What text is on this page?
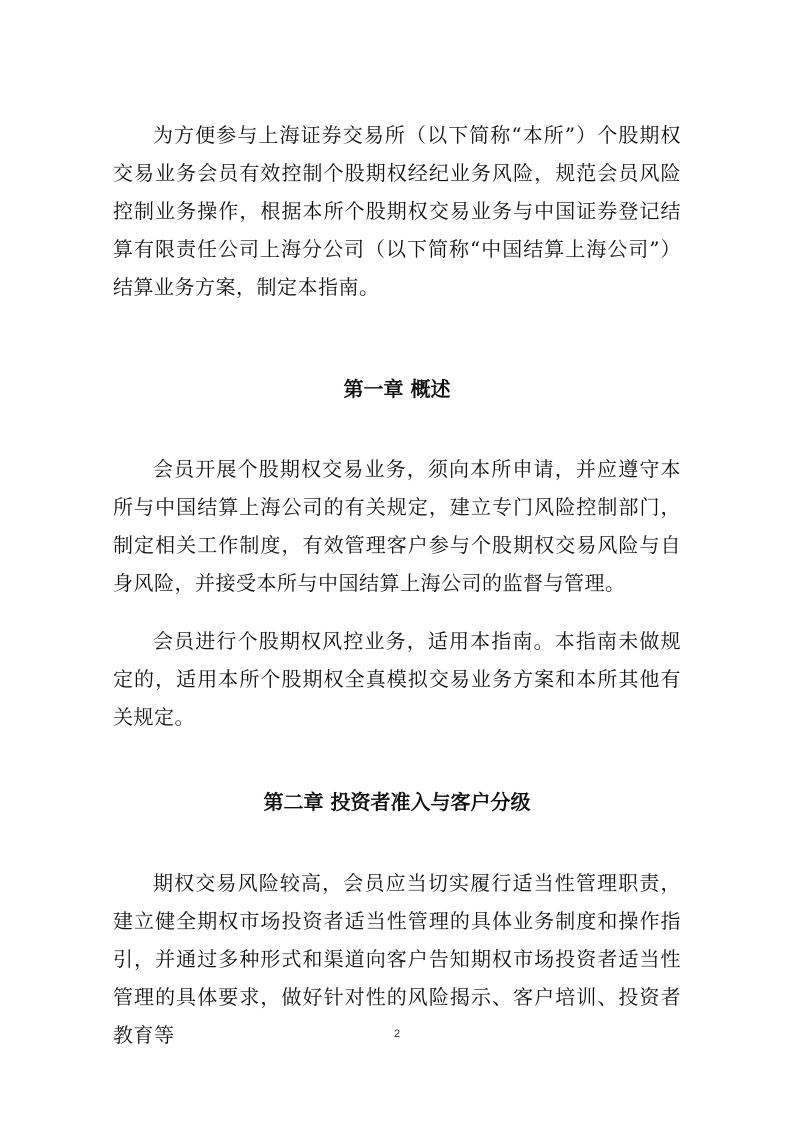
为方便参与上海证券交易所（以下简称“本所”）个股期权交易业务会员有效控制个股期权经纪业务风险，规范会员风险控制业务操作，根据本所个股期权交易业务与中国证券登记结算有限责任公司上海分公司（以下简称“中国结算上海公司”）结算业务方案，制定本指南。

第一章 概述

会员开展个股期权交易业务，须向本所申请，并应遵守本所与中国结算上海公司的有关规定，建立专门风险控制部门，制定相关工作制度，有效管理客户参与个股期权交易风险与自身风险，并接受本所与中国结算上海公司的监督与管理。

会员进行个股期权风控业务，适用本指南。本指南未做规定的，适用本所个股期权全真模拟交易业务方案和本所其他有关规定。

第二章 投资者准入与客户分级

期权交易风险较高，会员应当切实履行适当性管理职责，建立健全期权市场投资者适当性管理的具体业务制度和操作指引，并通过多种形式和渠道向客户告知期权市场投资者适当性管理的具体要求，做好针对性的风险揭示、客户培训、投资者教育等	2
